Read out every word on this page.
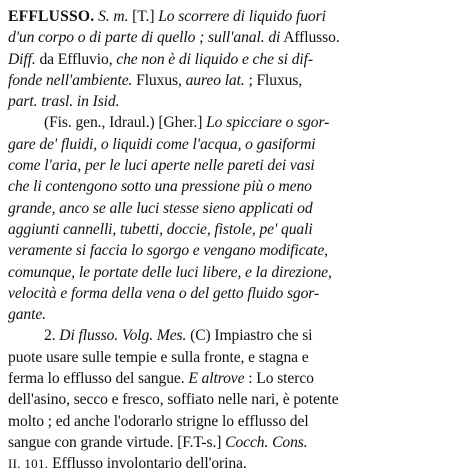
EFFLUSSO. S. m. [T.] Lo scorrere di liquido fuori
d'un corpo o di parte di quello ; sull'anal. di Afflusso.
Diff. da Effluvio, che non è di liquido e che si dif-
fonde nell'ambiente. Fluxus, aureo lat. ; Fluxus,
part. trasl. in Isid.
(Fis. gen., Idraul.) [Gher.] Lo spicciare o sgor-
gare de' fluidi, o liquidi come l'acqua, o gasiformi
come l'aria, per le luci aperte nelle pareti dei vasi
che li contengono sotto una pressione più o meno
grande, anco se alle luci stesse sieno applicati od
aggiunti cannelli, tubetti, doccie, fistole, pe' quali
veramente si faccia lo sgorgo e vengano modificate,
comunque, le portate delle luci libere, e la direzione,
velocità e forma della vena o del getto fluido sgor-
gante.
2. Di flusso. Volg. Mes. (C) Impiastro che si
puote usare sulle tempie e sulla fronte, e stagna e
ferma lo efflusso del sangue. E altrove : Lo sterco
dell'asino, secco e fresco, soffiato nelle nari, è potente
molto ; ed anche l'odorarlo strigne lo efflusso del
sangue con grande virtude. [F.T-s.] Cocch. Cons.
II. 101. Efflusso involontario dell'orina.
